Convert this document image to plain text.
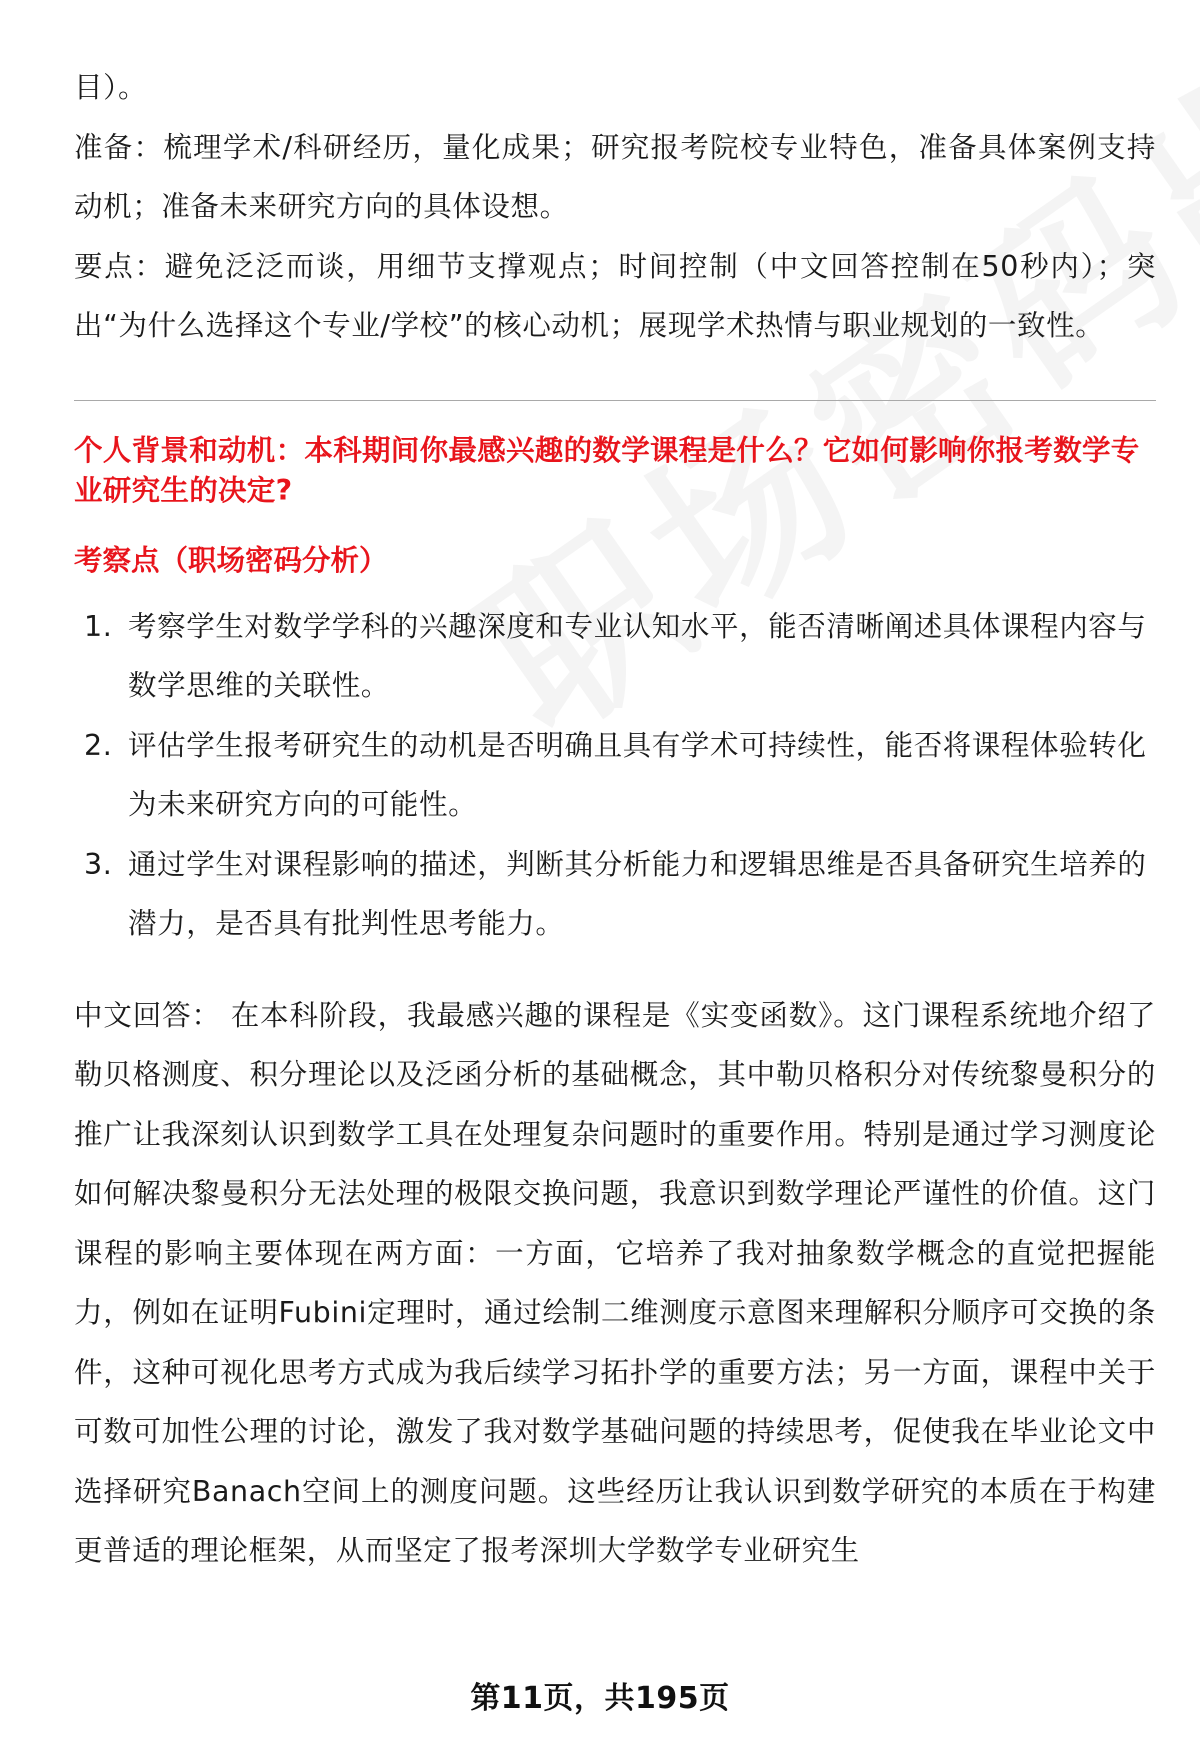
目）。

准备：梳理学术/科研经历，量化成果；研究报考院校专业特色，准备具体案例支持动机；准备未来研究方向的具体设想。

要点：避免泛泛而谈，用细节支撑观点；时间控制（中文回答控制在50秒内）；突出“为什么选择这个专业/学校”的核心动机；展现学术热情与职业规划的一致性。

个人背景和动机：本科期间你最感兴趣的数学课程是什么？它如何影响你报考数学专业研究生的决定?

考察点（职场密码分析）

1. 考察学生对数学学科的兴趣深度和专业认知水平，能否清晰阐述具体课程内容与数学思维的关联性。
2. 评估学生报考研究生的动机是否明确且具有学术可持续性，能否将课程体验转化为未来研究方向的可能性。
3. 通过学生对课程影响的描述，判断其分析能力和逻辑思维是否具备研究生培养的潜力，是否具有批判性思考能力。

中文回答： 在本科阶段，我最感兴趣的课程是《实变函数》。这门课程系统地介绍了勒贝格测度、积分理论以及泛函分析的基础概念，其中勒贝格积分对传统黎曼积分的推广让我深刻认识到数学工具在处理复杂问题时的重要作用。特别是通过学习测度论如何解决黎曼积分无法处理的极限交换问题，我意识到数学理论严谨性的价值。这门课程的影响主要体现在两方面：一方面，它培养了我对抽象数学概念的直觉把握能力，例如在证明Fubini定理时，通过绘制二维测度示意图来理解积分顺序可交换的条件，这种可视化思考方式成为我后续学习拓扑学的重要方法；另一方面，课程中关于可数可加性公理的讨论，激发了我对数学基础问题的持续思考，促使我在毕业论文中选择研究Banach空间上的测度问题。这些经历让我认识到数学研究的本质在于构建更普适的理论框架，从而坚定了报考深圳大学数学专业研究生

第11页，共195页
